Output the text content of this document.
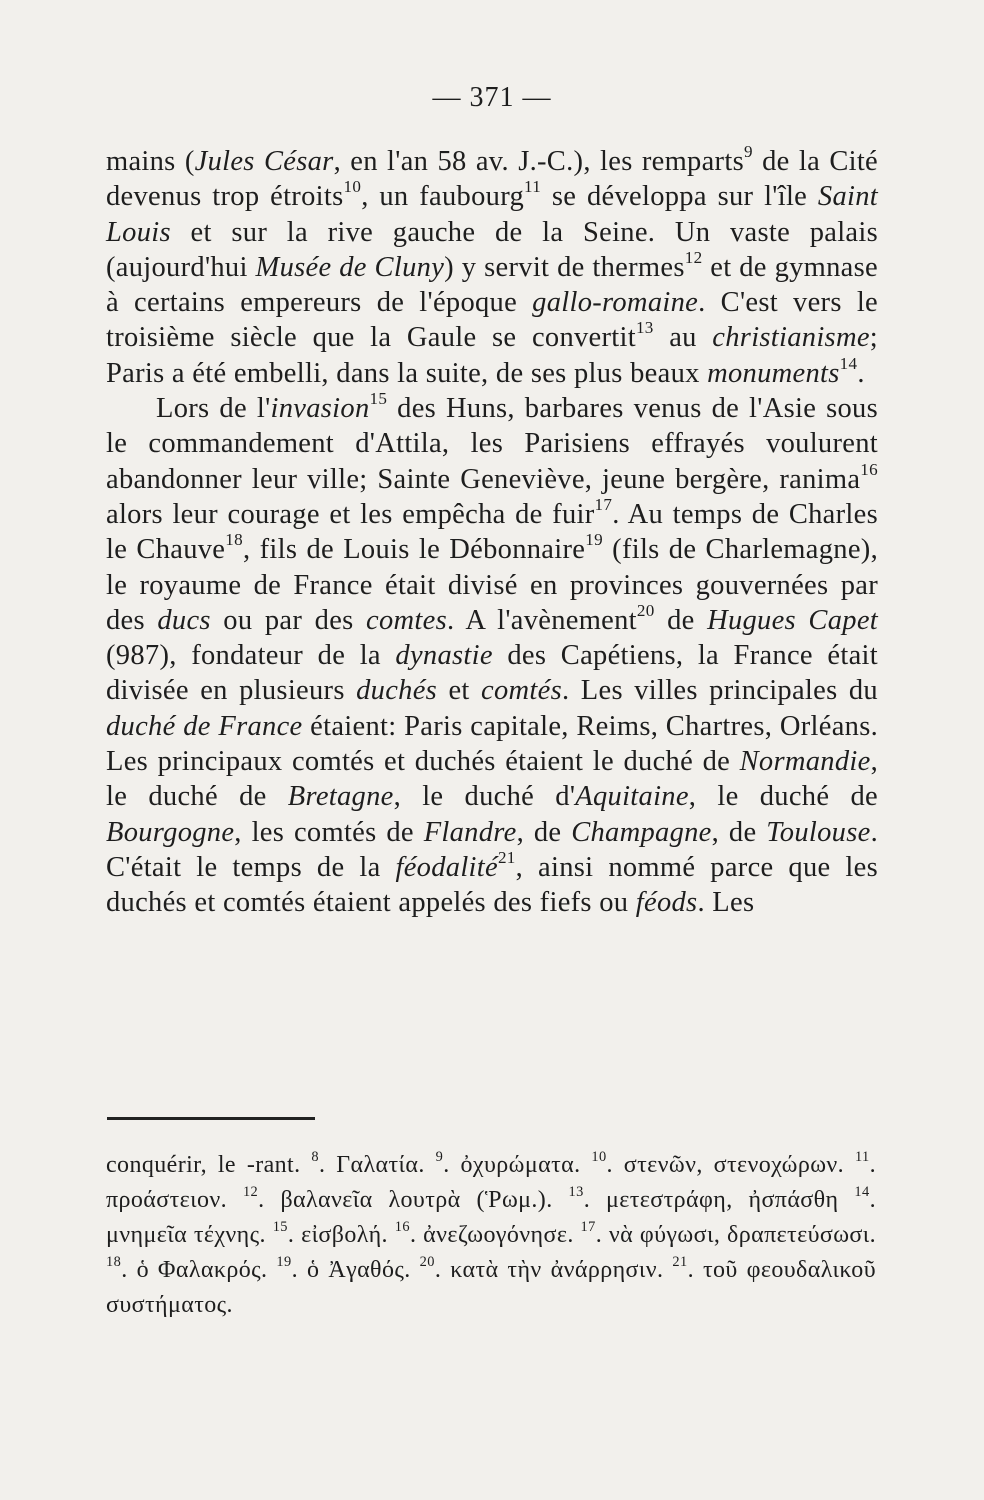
— 371 —

mains (Jules César, en l'an 58 av. J.-C.), les remparts$^9$ de la Cité devenus trop étroits$^{10}$, un faubourg$^{11}$ se développa sur l'île Saint Louis et sur la rive gauche de la Seine. Un vaste palais (aujourd'hui Musée de Cluny) y servit de thermes$^{12}$ et de gymnase à certains empereurs de l'époque gallo-romaine. C'est vers le troisième siècle que la Gaule se convertit$^{13}$ au christianisme; Paris a été embelli, dans la suite, de ses plus beaux monuments$^{14}$.

Lors de l'invasion$^{15}$ des Huns, barbares venus de l'Asie sous le commandement d'Attila, les Parisiens effrayés voulurent abandonner leur ville; Sainte Geneviève, jeune bergère, ranima$^{16}$ alors leur courage et les empêcha de fuir$^{17}$. Au temps de Charles le Chauve$^{18}$, fils de Louis le Débonnaire$^{19}$ (fils de Charlemagne), le royaume de France était divisé en provinces gouvernées par des ducs ou par des comtes. A l'avènement$^{20}$ de Hugues Capet (987), fondateur de la dynastie des Capétiens, la France était divisée en plusieurs duchés et comtés. Les villes principales du duché de France étaient: Paris capitale, Reims, Chartres, Orléans. Les principaux comtés et duchés étaient le duché de Normandie, le duché de Bretagne, le duché d'Aquitaine, le duché de Bourgogne, les comtés de Flandre, de Champagne, de Toulouse. C'était le temps de la féodalité$^{21}$, ainsi nommé parce que les duchés et comtés étaient appelés des fiefs ou féods. Les

conquérir, le -rant. $^8$. Γαλατία. $^9$. ὀχυρώματα. $^{10}$. στενῶν, στενοχώρων. $^{11}$. προάστειον. $^{12}$. βαλανεῖα λουτρὰ (Ῥωμ.). $^{13}$. μετεστράφη, ἠσπάσθη $^{14}$. μνημεῖα τέχνης. $^{15}$. εἰσβολή. $^{16}$. ἀνεζωογόνησε. $^{17}$. νὰ φύγωσι, δραπετεύσωσι. $^{18}$. ὁ Φαλακρός. $^{19}$. ὁ Ἀγαθός. $^{20}$. κατὰ τὴν ἀνάρρησιν. $^{21}$. τοῦ φεουδαλικοῦ συστήματος.
